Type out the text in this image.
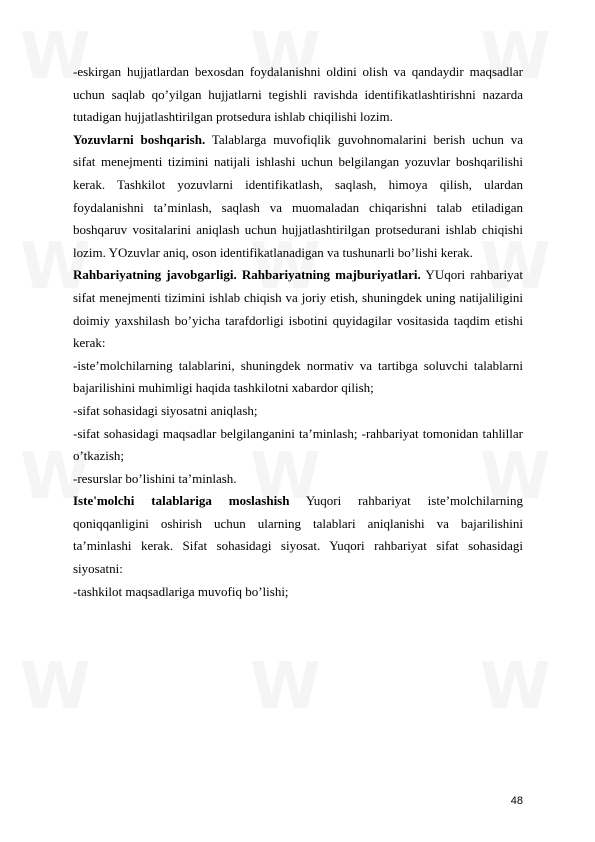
-eskirgan hujjatlardan bexosdan foydalanishni oldini olish va qandaydir maqsadlar uchun saqlab qo’yilgan hujjatlarni tegishli ravishda identifikatlashtirishni nazarda tutadigan hujjatlashtirilgan protsedura ishlab chiqilishi lozim.

Yozuvlarni boshqarish. Talablarga muvofiqlik guvohnomalarini berish uchun va sifat menejmenti tizimini natijali ishlashi uchun belgilangan yozuvlar boshqarilishi kerak. Tashkilot yozuvlarni identifikatlash, saqlash, himoya qilish, ulardan foydalanishni ta’minlash, saqlash va muomaladan chiqarishni talab etiladigan boshqaruv vositalarini aniqlash uchun hujjatlashtirilgan protsedurani ishlab chiqishi lozim. YOzuvlar aniq, oson identifikatlanadigan va tushunarli bo’lishi kerak.

Rahbariyatning javobgarligi. Rahbariyatning majburiyatlari. YUqori rahbariyat sifat menejmenti tizimini ishlab chiqish va joriy etish, shuningdek uning natijaliligini doimiy yaxshilash bo’yicha tarafdorligi isbotini quyidagilar vositasida taqdim etishi kerak:

-iste’molchilarning talablarini, shuningdek normativ va tartibga soluvchi talablarni bajarilishini muhimligi haqida tashkilotni xabardor qilish;

-sifat sohasidagi siyosatni aniqlash;

-sifat sohasidagi maqsadlar belgilanganini ta’minlash; -rahbariyat tomonidan tahlillar o’tkazish;

-resurslar bo’lishini ta’minlash.

Iste'molchi talablariga moslashish Yuqori rahbariyat iste’molchilarning qoniqqanligini oshirish uchun ularning talablari aniqlanishi va bajarilishini ta’minlashi kerak. Sifat sohasidagi siyosat. Yuqori rahbariyat sifat sohasidagi siyosatni:

-tashkilot maqsadlariga muvofiq bo’lishi;

48
